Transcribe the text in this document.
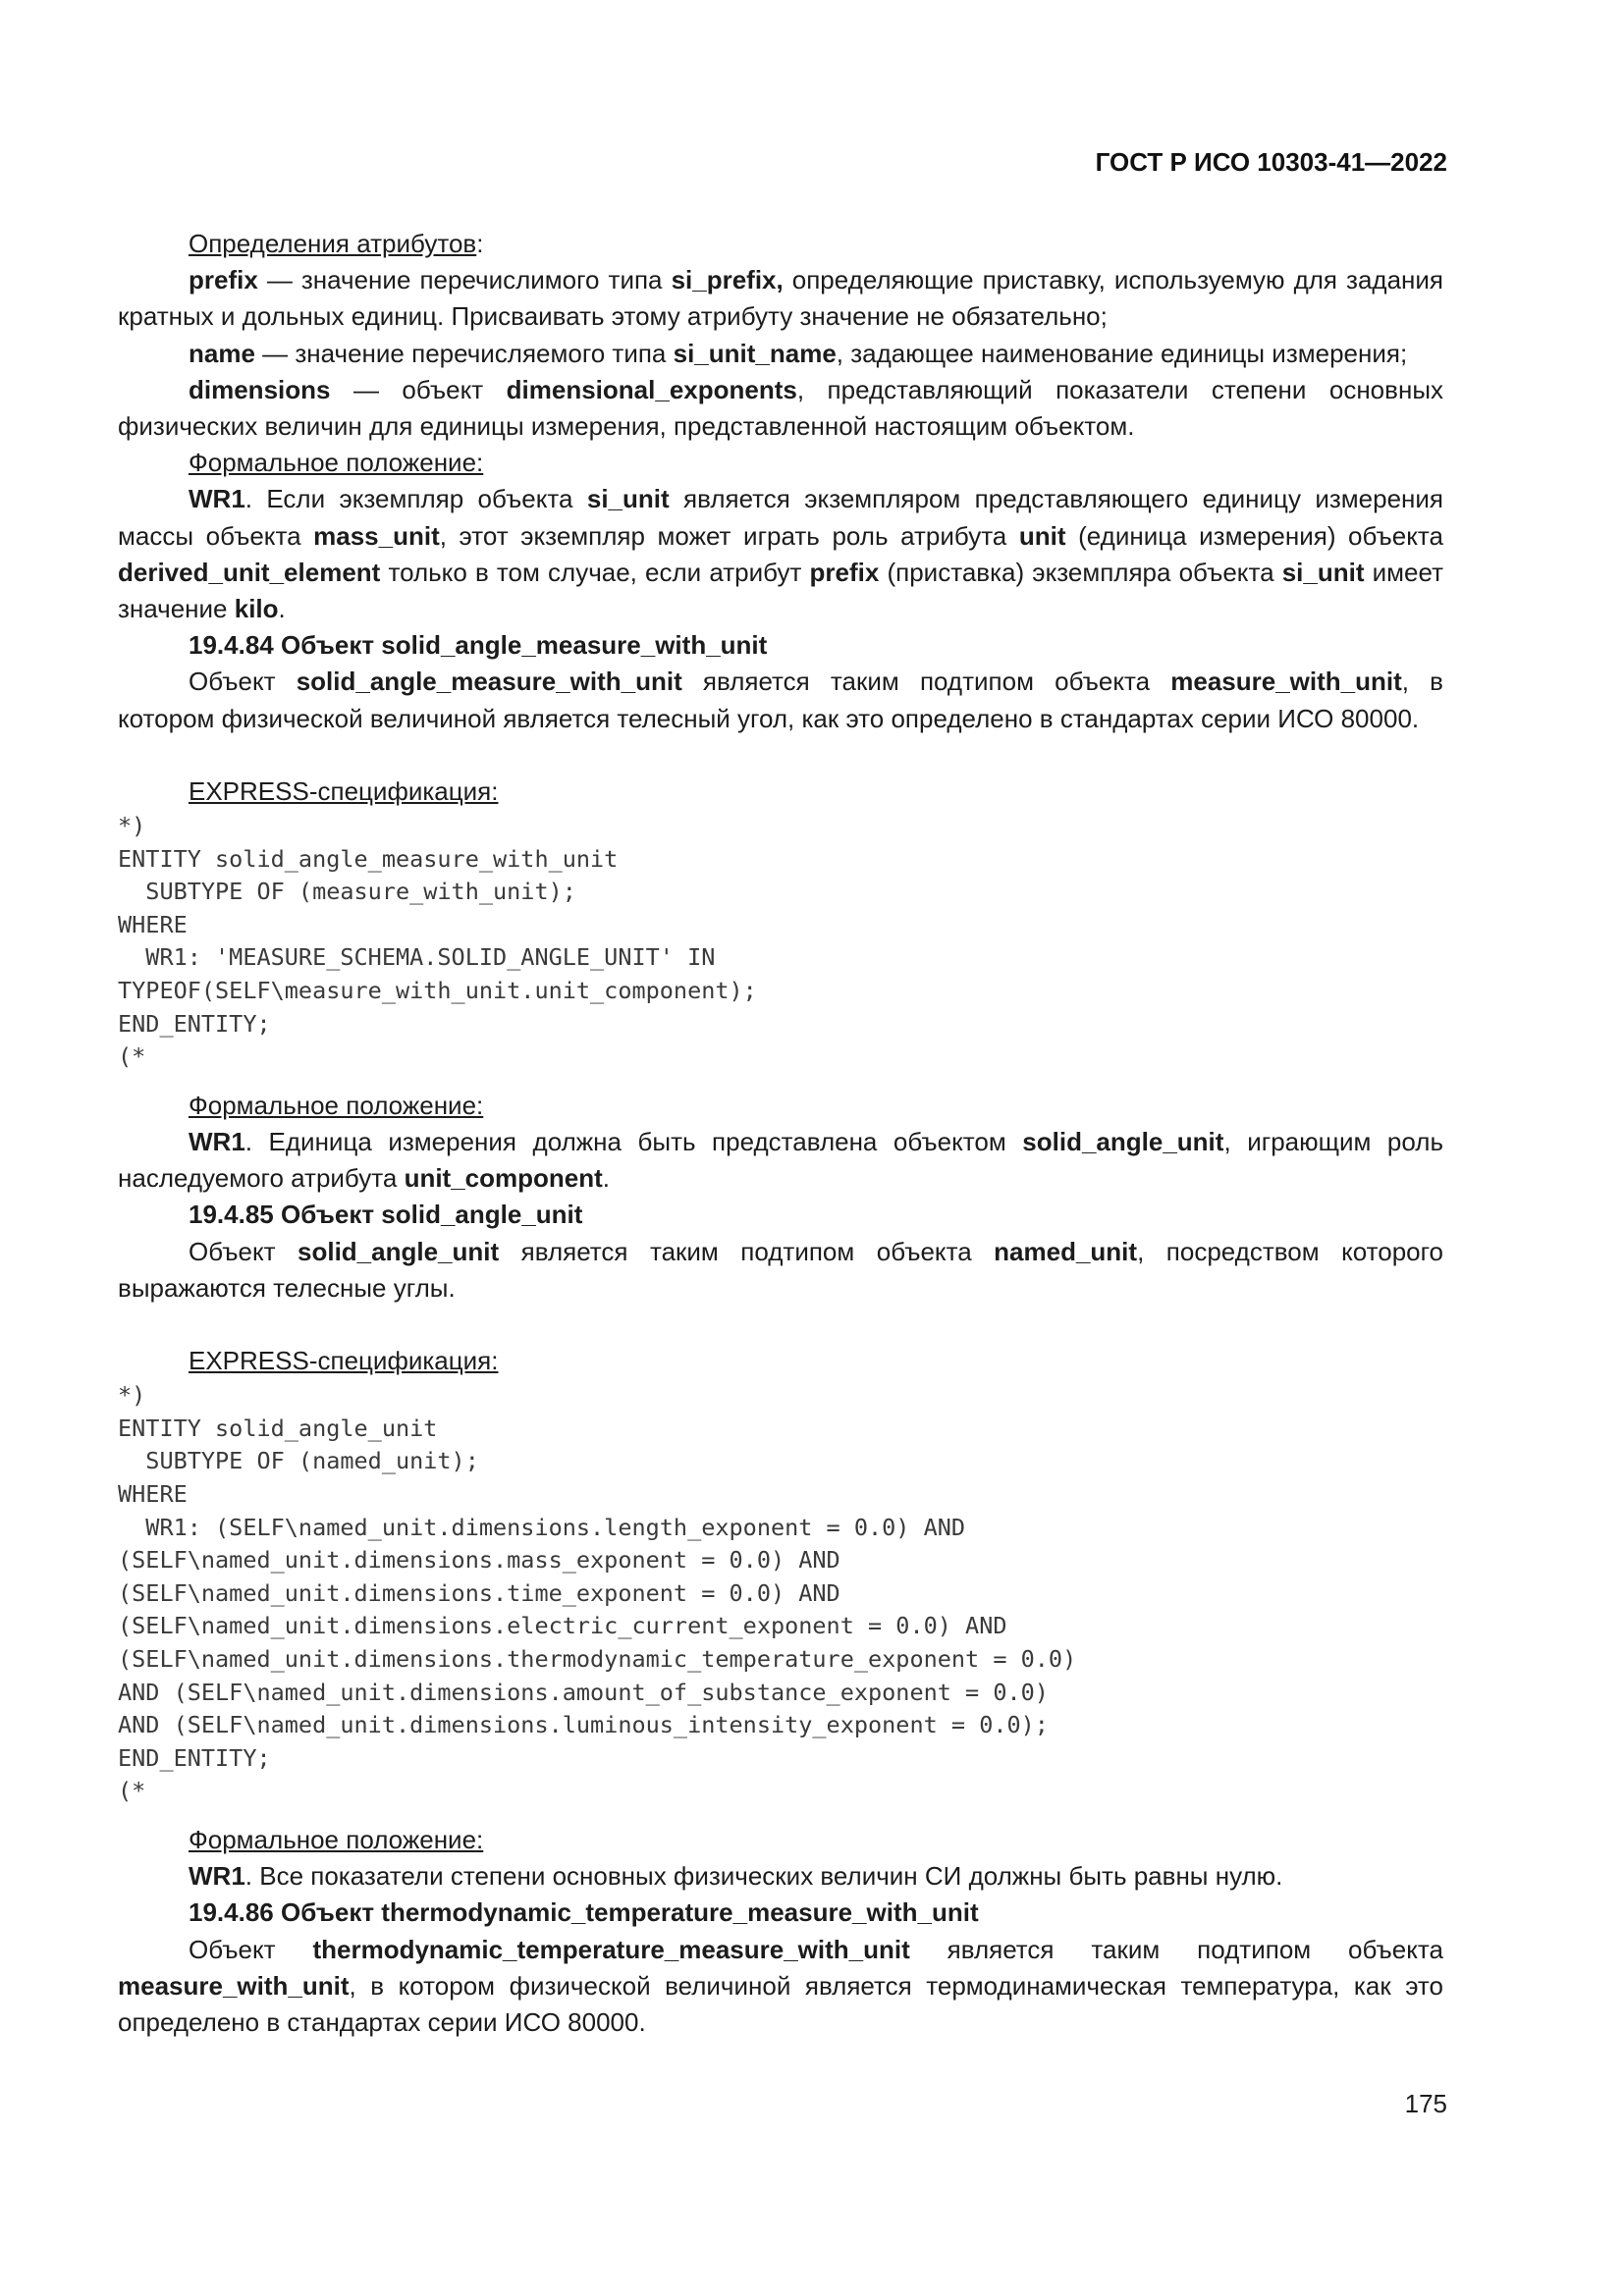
ГОСТ Р ИСО 10303-41—2022

Определения атрибутов:

prefix — значение перечислимого типа si_prefix, определяющие приставку, используемую для задания кратных и дольных единиц. Присваивать этому атрибуту значение не обязательно;

name — значение перечисляемого типа si_unit_name, задающее наименование единицы измерения;

dimensions — объект dimensional_exponents, представляющий показатели степени основных физических величин для единицы измерения, представленной настоящим объектом.

Формальное положение:

WR1. Если экземпляр объекта si_unit является экземпляром представляющего единицу измерения массы объекта mass_unit, этот экземпляр может играть роль атрибута unit (единица измерения) объекта derived_unit_element только в том случае, если атрибут prefix (приставка) экземпляра объекта si_unit имеет значение kilo.

19.4.84 Объект solid_angle_measure_with_unit

Объект solid_angle_measure_with_unit является таким подтипом объекта measure_with_unit, в котором физической величиной является телесный угол, как это определено в стандартах серии ИСО 80000.

EXPRESS-спецификация:

*)
ENTITY solid_angle_measure_with_unit
SUBTYPE OF (measure_with_unit);
WHERE
WR1: 'MEASURE_SCHEMA.SOLID_ANGLE_UNIT' IN
TYPEOF(SELF\measure_with_unit.unit_component);
END_ENTITY;
(*

Формальное положение:

WR1. Единица измерения должна быть представлена объектом solid_angle_unit, играющим роль наследуемого атрибута unit_component.

19.4.85 Объект solid_angle_unit

Объект solid_angle_unit является таким подтипом объекта named_unit, посредством которого выражаются телесные углы.

EXPRESS-спецификация:

*)
ENTITY solid_angle_unit
SUBTYPE OF (named_unit);
WHERE
WR1: (SELF\named_unit.dimensions.length_exponent = 0.0) AND
(SELF\named_unit.dimensions.mass_exponent = 0.0) AND
(SELF\named_unit.dimensions.time_exponent = 0.0) AND
(SELF\named_unit.dimensions.electric_current_exponent = 0.0) AND
(SELF\named_unit.dimensions.thermodynamic_temperature_exponent = 0.0)
AND (SELF\named_unit.dimensions.amount_of_substance_exponent = 0.0)
AND (SELF\named_unit.dimensions.luminous_intensity_exponent = 0.0);
END_ENTITY;
(*

Формальное положение:

WR1. Все показатели степени основных физических величин СИ должны быть равны нулю.

19.4.86 Объект thermodynamic_temperature_measure_with_unit

Объект thermodynamic_temperature_measure_with_unit является таким подтипом объекта measure_with_unit, в котором физической величиной является термодинамическая температура, как это определено в стандартах серии ИСО 80000.

175
